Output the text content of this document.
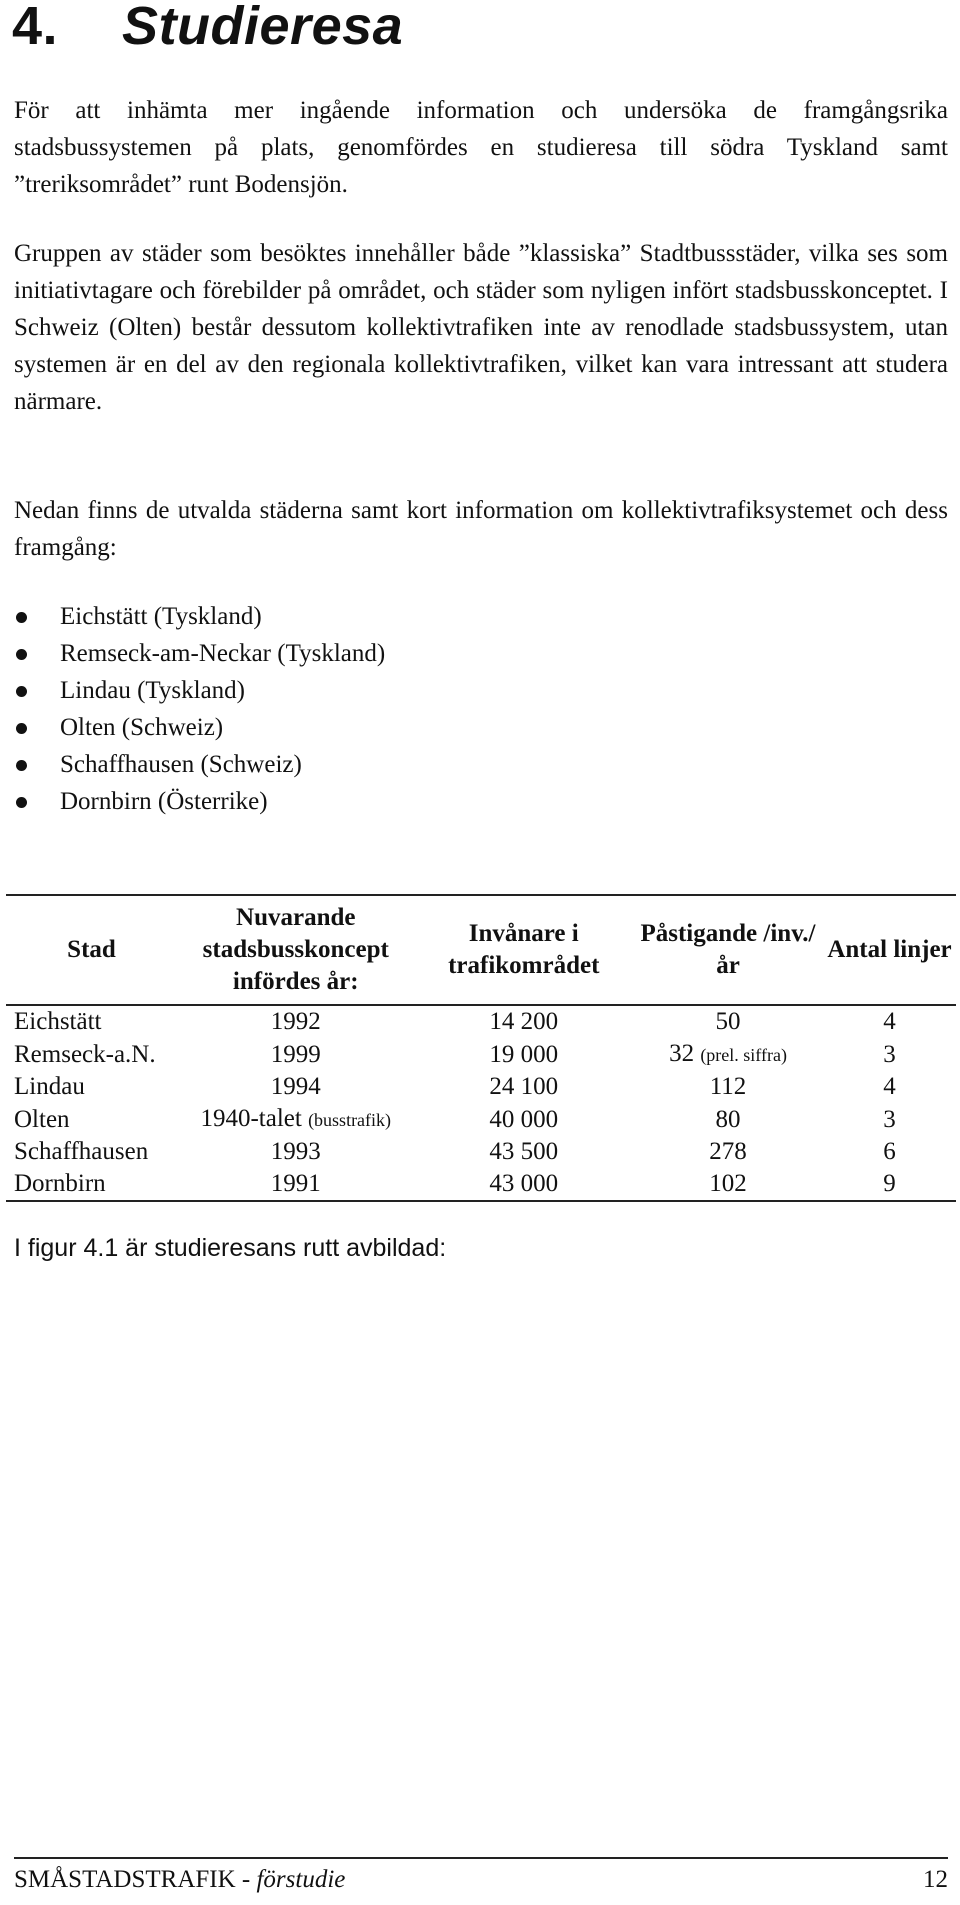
4. Studieresa

För att inhämta mer ingående information och undersöka de framgångsrika stadsbussystemen på plats, genomfördes en studieresa till södra Tyskland samt ”treriksområdet” runt Bodensjön.

Gruppen av städer som besöktes innehåller både ”klassiska” Stadtbussstäder, vilka ses som initiativtagare och förebilder på området, och städer som nyligen infört stadsbusskonceptet. I Schweiz (Olten) består dessutom kollektivtrafiken inte av renodlade stadsbussystem, utan systemen är en del av den regionala kollektivtrafiken, vilket kan vara intressant att studera närmare.

Nedan finns de utvalda städerna samt kort information om kollektivtrafiksystemet och dess framgång:

Eichstätt (Tyskland)
Remseck-am-Neckar (Tyskland)
Lindau (Tyskland)
Olten (Schweiz)
Schaffhausen (Schweiz)
Dornbirn (Österrike)
Stad	Nuvarande stadsbusskoncept infördes år:	Invånare i trafikområdet	Påstigande /inv./år	Antal linjer
Eichstätt	1992	14 200	50	4
Remseck-a.N.	1999	19 000	32 (prel. siffra)	3
Lindau	1994	24 100	112	4
Olten	1940-talet (busstrafik)	40 000	80	3
Schaffhausen	1993	43 500	278	6
Dornbirn	1991	43 000	102	9

I figur 4.1 är studieresans rutt avbildad:

SMÅSTADSTRAFIK - förstudie	12
